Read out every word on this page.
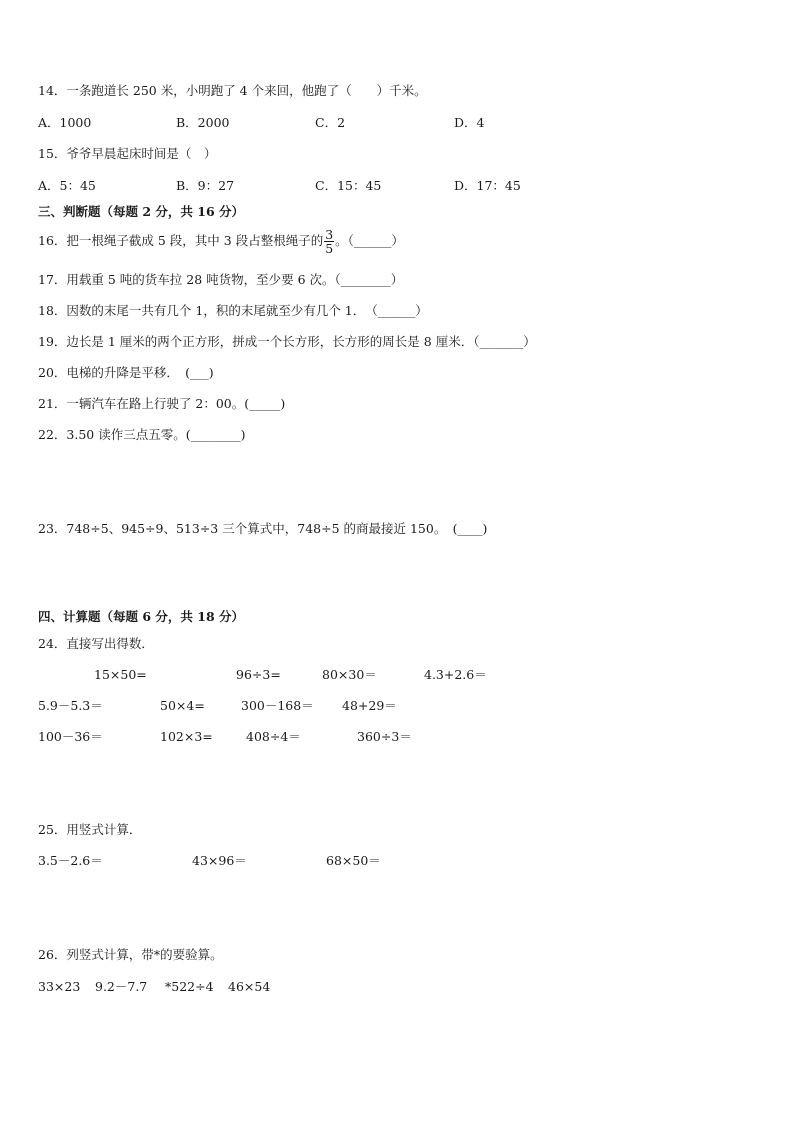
14．一条跑道长 250 米，小明跑了 4 个来回，他跑了（　　）千米。
A．1000	B．2000	C．2	D．4
15．爷爷早晨起床时间是（　）
A．5：45	B．9：27	C．15：45	D．17：45
三、判断题（每题 2 分，共 16 分）
16．把一根绳子截成 5 段，其中 3 段占整根绳子的 $\frac{3}{5}$ 。（______）
17．用载重 5 吨的货车拉 28 吨货物，至少要 6 次。（________）
18．因数的末尾一共有几个 1，积的末尾就至少有几个 1．　（______）
19．边长是 1 厘米的两个正方形，拼成一个长方形，长方形的周长是 8 厘米．（_______）
20．电梯的升降是平移．　(___)
21．一辆汽车在路上行驶了 2：00。(_____)
22．3.50 读作三点五零。(________)
23．748÷5、945÷9、513÷3 三个算式中，748÷5 的商最接近 150。　(____)
四、计算题（每题 6 分，共 18 分）
24．直接写出得数．
15×50=	96÷3=	80×30＝	4.3+2.6＝
5.9－5.3＝	50×4=	300－168＝ 48+29＝
100－36＝	102×3=	408÷4＝	360÷3＝
25．用竖式计算．
3.5－2.6＝	43×96＝	68×50＝
26．列竖式计算，带*的要验算。
33×23 9.2－7.7 *522÷4 46×54
